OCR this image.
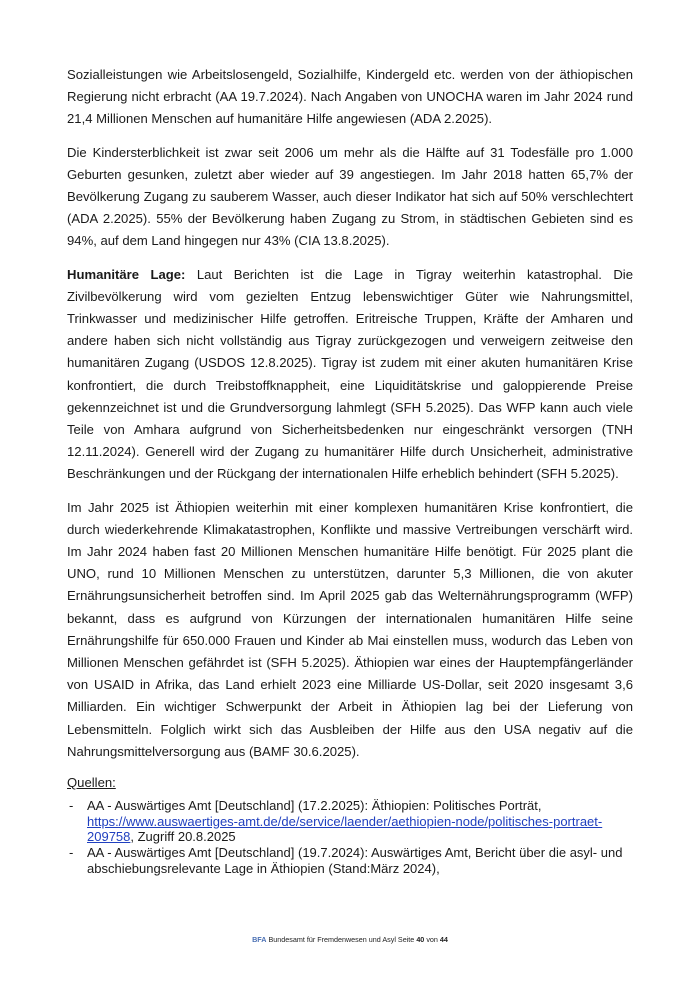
Sozialleistungen wie Arbeitslosengeld, Sozialhilfe, Kindergeld etc. werden von der äthiopischen Regierung nicht erbracht (AA 19.7.2024). Nach Angaben von UNOCHA waren im Jahr 2024 rund 21,4 Millionen Menschen auf humanitäre Hilfe angewiesen (ADA 2.2025).

Die Kindersterblichkeit ist zwar seit 2006 um mehr als die Hälfte auf 31 Todesfälle pro 1.000 Geburten gesunken, zuletzt aber wieder auf 39 angestiegen. Im Jahr 2018 hatten 65,7% der Bevölkerung Zugang zu sauberem Wasser, auch dieser Indikator hat sich auf 50% verschlechtert (ADA 2.2025). 55% der Bevölkerung haben Zugang zu Strom, in städtischen Gebieten sind es 94%, auf dem Land hingegen nur 43% (CIA 13.8.2025).

Humanitäre Lage: Laut Berichten ist die Lage in Tigray weiterhin katastrophal. Die Zivilbevölkerung wird vom gezielten Entzug lebenswichtiger Güter wie Nahrungsmittel, Trinkwasser und medizinischer Hilfe getroffen. Eritreische Truppen, Kräfte der Amharen und andere haben sich nicht vollständig aus Tigray zurückgezogen und verweigern zeitweise den humanitären Zugang (USDOS 12.8.2025). Tigray ist zudem mit einer akuten humanitären Krise konfrontiert, die durch Treibstoffknappheit, eine Liquiditätskrise und galoppierende Preise gekennzeichnet ist und die Grundversorgung lahmlegt (SFH 5.2025). Das WFP kann auch viele Teile von Amhara aufgrund von Sicherheitsbedenken nur eingeschränkt versorgen (TNH 12.11.2024). Generell wird der Zugang zu humanitärer Hilfe durch Unsicherheit, administrative Beschränkungen und der Rückgang der internationalen Hilfe erheblich behindert (SFH 5.2025).

Im Jahr 2025 ist Äthiopien weiterhin mit einer komplexen humanitären Krise konfrontiert, die durch wiederkehrende Klimakatastrophen, Konflikte und massive Vertreibungen verschärft wird. Im Jahr 2024 haben fast 20 Millionen Menschen humanitäre Hilfe benötigt. Für 2025 plant die UNO, rund 10 Millionen Menschen zu unterstützen, darunter 5,3 Millionen, die von akuter Ernährungsunsicherheit betroffen sind. Im April 2025 gab das Welternährungsprogramm (WFP) bekannt, dass es aufgrund von Kürzungen der internationalen humanitären Hilfe seine Ernährungshilfe für 650.000 Frauen und Kinder ab Mai einstellen muss, wodurch das Leben von Millionen Menschen gefährdet ist (SFH 5.2025). Äthiopien war eines der Hauptempfängerländer von USAID in Afrika, das Land erhielt 2023 eine Milliarde US-Dollar, seit 2020 insgesamt 3,6 Milliarden. Ein wichtiger Schwerpunkt der Arbeit in Äthiopien lag bei der Lieferung von Lebensmitteln. Folglich wirkt sich das Ausbleiben der Hilfe aus den USA negativ auf die Nahrungsmittelversorgung aus (BAMF 30.6.2025).

Quellen:
- AA - Auswärtiges Amt [Deutschland] (17.2.2025): Äthiopien: Politisches Porträt,
https://www.auswaertiges-amt.de/de/service/laender/aethiopien-node/politisches-portraet-209758, Zugriff 20.8.2025
- AA - Auswärtiges Amt [Deutschland] (19.7.2024): Auswärtiges Amt, Bericht über die asyl- und abschiebungsrelevante Lage in Äthiopien (Stand:März 2024),
BFA Bundesamt für Fremdenwesen und Asyl Seite 40 von 44
